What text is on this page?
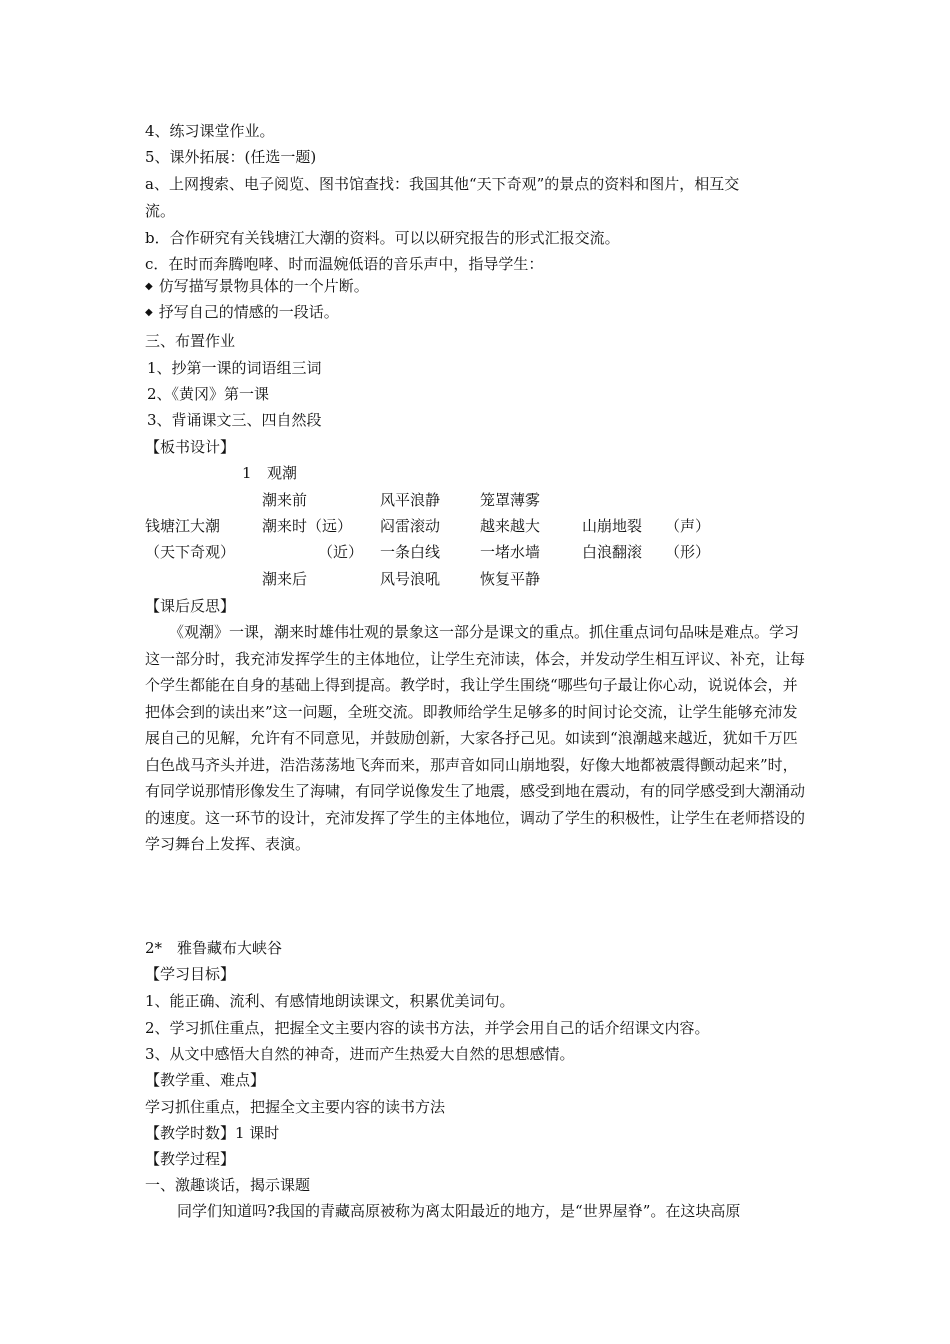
4、练习课堂作业。
5、课外拓展：(任选一题)
a、上网搜索、电子阅览、图书馆查找：我国其他“天下奇观”的景点的资料和图片，相互交
流。
b．合作研究有关钱塘江大潮的资料。可以以研究报告的形式汇报交流。
c．在时而奔腾咆哮、时而温婉低语的音乐声中，指导学生：
◆ 仿写描写景物具体的一个片断。
◆ 抒写自己的情感的一段话。
三、布置作业
1、抄第一课的词语组三词
2、《黄冈》第一课
3、背诵课文三、四自然段
【板书设计】
1 观潮
钱塘江大潮
（天下奇观）
潮来前
潮来时（远）
（近）
潮来后
风平浪静
闷雷滚动
一条白线
风号浪吼
笼罩薄雾
越来越大
一堵水墙
恢复平静
山崩地裂
白浪翻滚
（声）
（形）
【课后反思】
《观潮》一课，潮来时雄伟壮观的景象这一部分是课文的重点。抓住重点词句品味是难点。学习这一部分时，我充沛发挥学生的主体地位，让学生充沛读，体会，并发动学生相互评议、补充，让每个学生都能在自身的基础上得到提高。教学时，我让学生围绕“哪些句子最让你心动，说说体会，并把体会到的读出来”这一问题，全班交流。即教师给学生足够多的时间讨论交流，让学生能够充沛发展自己的见解，允许有不同意见，并鼓励创新，大家各抒己见。如读到“浪潮越来越近，犹如千万匹白色战马齐头并进，浩浩荡荡地飞奔而来，那声音如同山崩地裂，好像大地都被震得颤动起来”时，有同学说那情形像发生了海啸，有同学说像发生了地震，感受到地在震动，有的同学感受到大潮涌动的速度。这一环节的设计，充沛发挥了学生的主体地位，调动了学生的积极性，让学生在老师搭设的学习舞台上发挥、表演。
2*　雅鲁藏布大峡谷
【学习目标】
1、能正确、流利、有感情地朗读课文，积累优美词句。
2、学习抓住重点，把握全文主要内容的读书方法，并学会用自己的话介绍课文内容。
3、从文中感悟大自然的神奇，进而产生热爱大自然的思想感情。
【教学重、难点】
学习抓住重点，把握全文主要内容的读书方法
【教学时数】1 课时
【教学过程】
一、激趣谈话，揭示课题
同学们知道吗?我国的青藏高原被称为离太阳最近的地方，是“世界屋脊”。在这块高原
